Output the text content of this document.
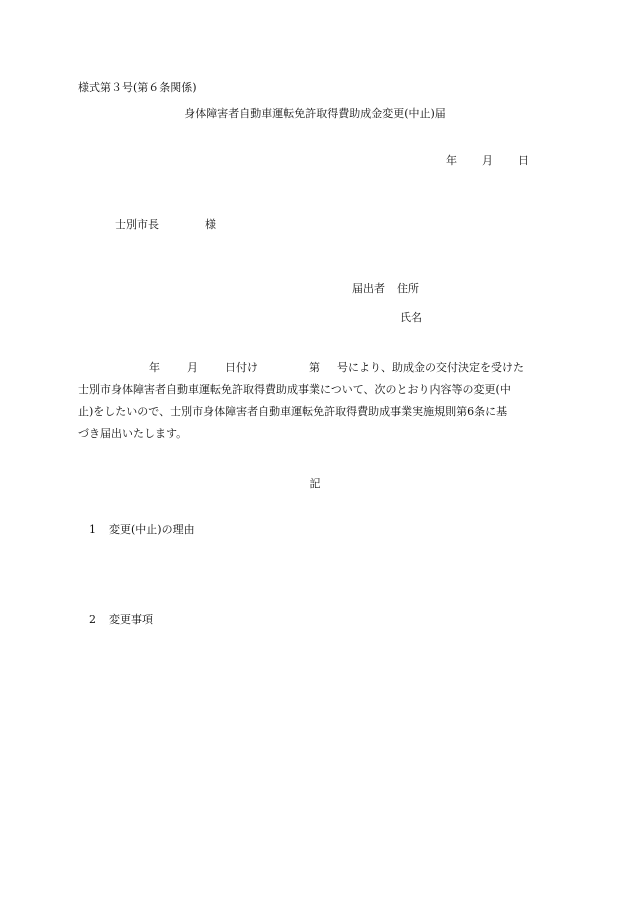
様式第３号(第６条関係)
身体障害者自動車運転免許取得費助成金変更(中止)届
年 月 日
士別市長	様
届出者 住所
氏名
年 月 日付け	第 号により、助成金の交付決定を受けた
士別市身体障害者自動車運転免許取得費助成事業について、次のとおり内容等の変更(中
止)をしたいので、士別市身体障害者自動車運転免許取得費助成事業実施規則第6条に基
づき届出いたします。
記
1 変更(中止)の理由
2 変更事項
